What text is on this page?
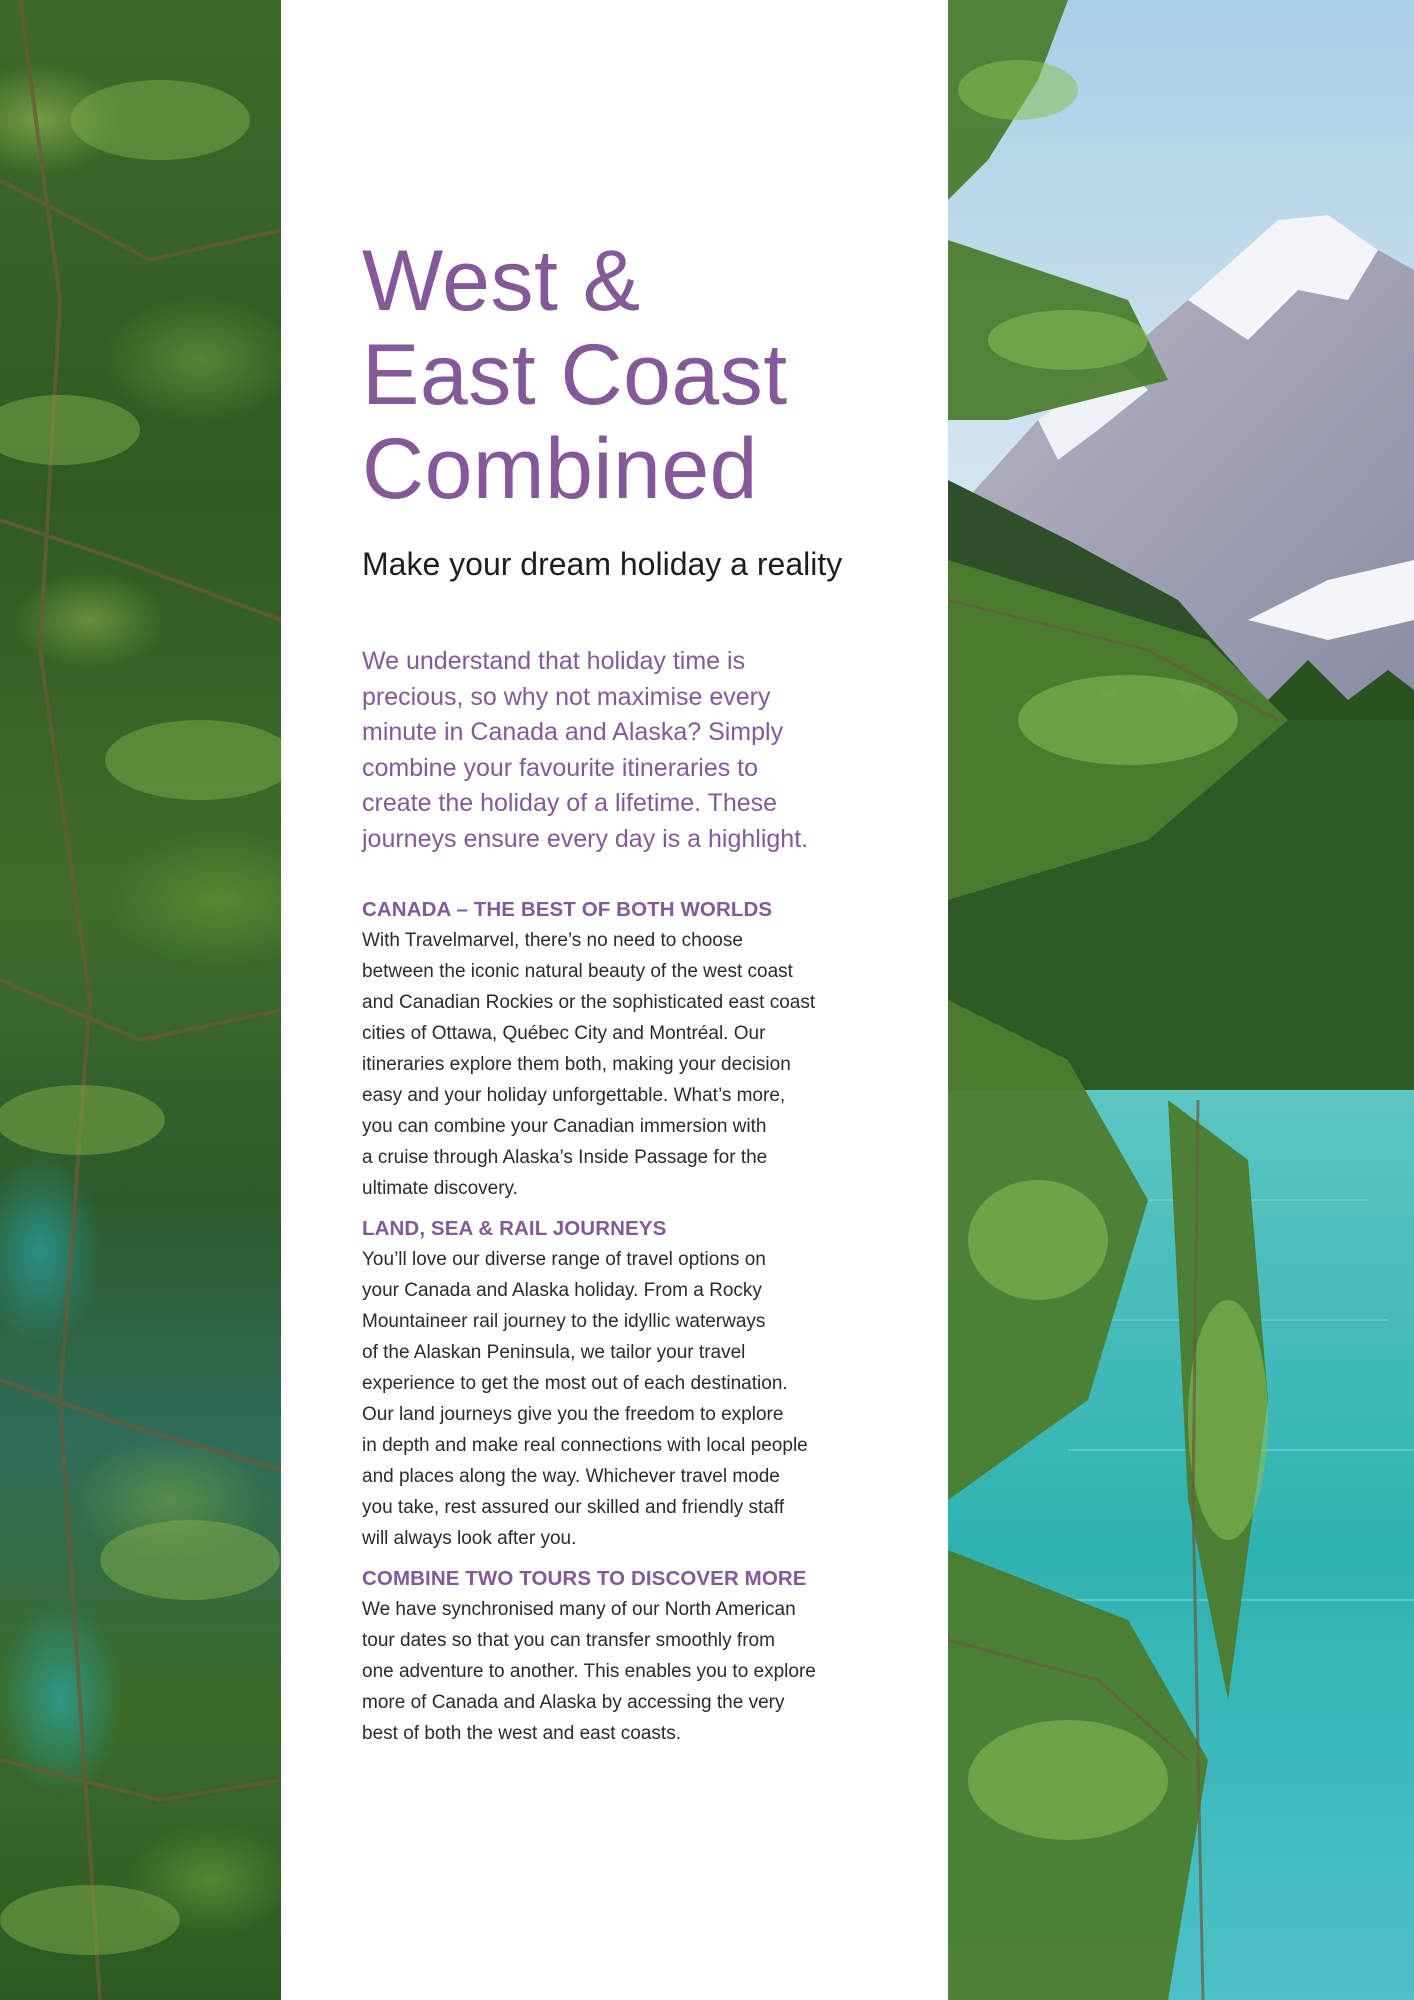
West &
East Coast
Combined
Make your dream holiday a reality

We understand that holiday time is
precious, so why not maximise every
minute in Canada and Alaska? Simply
combine your favourite itineraries to
create the holiday of a lifetime. These
journeys ensure every day is a highlight.

CANADA – THE BEST OF BOTH WORLDS

With Travelmarvel, there’s no need to choose
between the iconic natural beauty of the west coast
and Canadian Rockies or the sophisticated east coast
cities of Ottawa, Québec City and Montréal. Our
itineraries explore them both, making your decision
easy and your holiday unforgettable. What’s more,
you can combine your Canadian immersion with
a cruise through Alaska’s Inside Passage for the
ultimate discovery.

LAND, SEA & RAIL JOURNEYS

You’ll love our diverse range of travel options on
your Canada and Alaska holiday. From a Rocky
Mountaineer rail journey to the idyllic waterways
of the Alaskan Peninsula, we tailor your travel
experience to get the most out of each destination.
Our land journeys give you the freedom to explore
in depth and make real connections with local people
and places along the way. Whichever travel mode
you take, rest assured our skilled and friendly staff
will always look after you.

COMBINE TWO TOURS TO DISCOVER MORE

We have synchronised many of our North American
tour dates so that you can transfer smoothly from
one adventure to another. This enables you to explore
more of Canada and Alaska by accessing the very
best of both the west and east coasts.
